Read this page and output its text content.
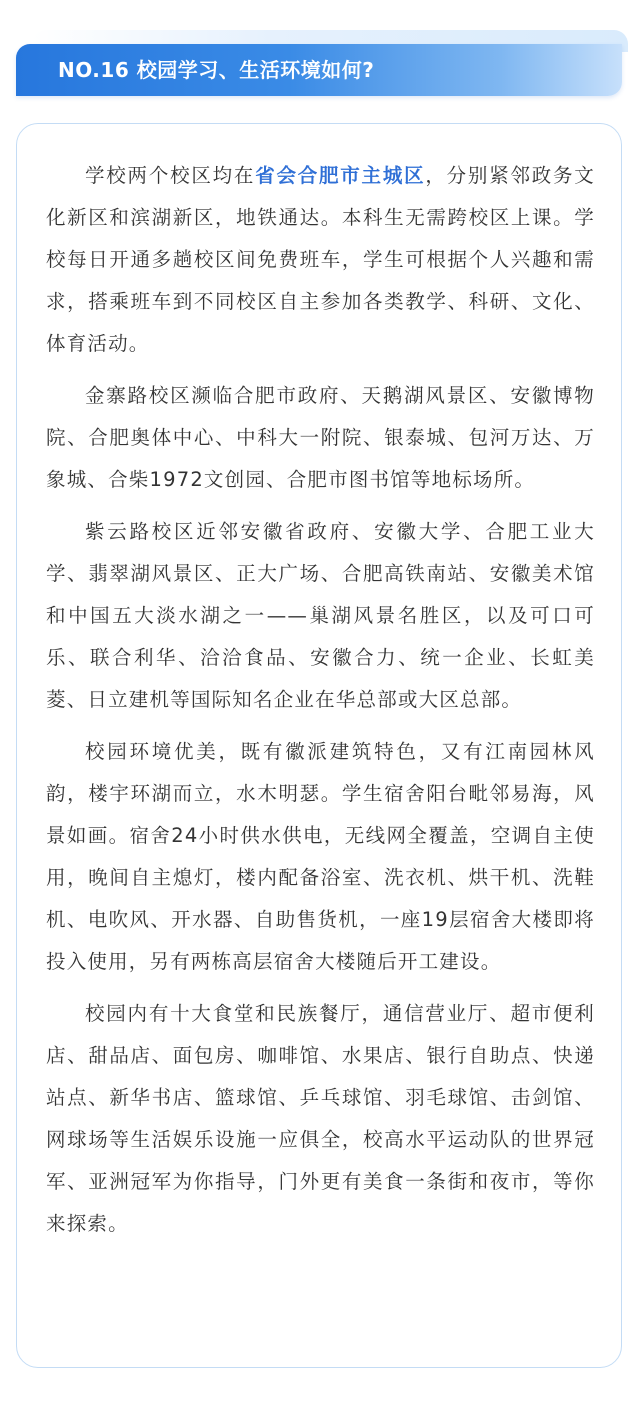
NO.16 校园学习、生活环境如何?

学校两个校区均在省会合肥市主城区，分别紧邻政务文化新区和滨湖新区，地铁通达。本科生无需跨校区上课。学校每日开通多趟校区间免费班车，学生可根据个人兴趣和需求，搭乘班车到不同校区自主参加各类教学、科研、文化、体育活动。

金寨路校区濒临合肥市政府、天鹅湖风景区、安徽博物院、合肥奥体中心、中科大一附院、银泰城、包河万达、万象城、合柴1972文创园、合肥市图书馆等地标场所。

紫云路校区近邻安徽省政府、安徽大学、合肥工业大学、翡翠湖风景区、正大广场、合肥高铁南站、安徽美术馆和中国五大淡水湖之一——巢湖风景名胜区，以及可口可乐、联合利华、洽洽食品、安徽合力、统一企业、长虹美菱、日立建机等国际知名企业在华总部或大区总部。

校园环境优美，既有徽派建筑特色，又有江南园林风韵，楼宇环湖而立，水木明瑟。学生宿舍阳台毗邻易海，风景如画。宿舍24小时供水供电，无线网全覆盖，空调自主使用，晚间自主熄灯，楼内配备浴室、洗衣机、烘干机、洗鞋机、电吹风、开水器、自助售货机，一座19层宿舍大楼即将投入使用，另有两栋高层宿舍大楼随后开工建设。

校园内有十大食堂和民族餐厅，通信营业厅、超市便利店、甜品店、面包房、咖啡馆、水果店、银行自助点、快递站点、新华书店、篮球馆、乒乓球馆、羽毛球馆、击剑馆、网球场等生活娱乐设施一应俱全，校高水平运动队的世界冠军、亚洲冠军为你指导，门外更有美食一条街和夜市，等你来探索。
